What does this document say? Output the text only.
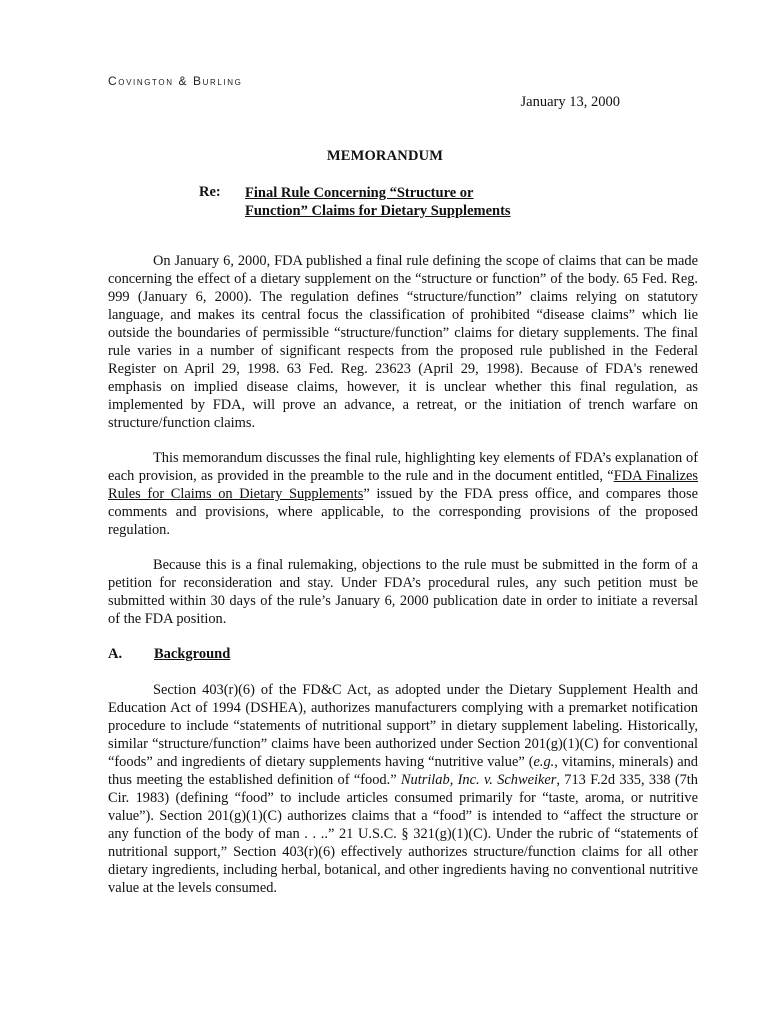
Covington & Burling
January 13, 2000
MEMORANDUM
Re: Final Rule Concerning “Structure or
Function” Claims for Dietary Supplements

On January 6, 2000, FDA published a final rule defining the scope of claims that can be made concerning the effect of a dietary supplement on the “structure or function” of the body. 65 Fed. Reg. 999 (January 6, 2000). The regulation defines “structure/function” claims relying on statutory language, and makes its central focus the classification of prohibited “disease claims” which lie outside the boundaries of permissible “structure/function” claims for dietary supplements. The final rule varies in a number of significant respects from the proposed rule published in the Federal Register on April 29, 1998. 63 Fed. Reg. 23623 (April 29, 1998). Because of FDA's renewed emphasis on implied disease claims, however, it is unclear whether this final regulation, as implemented by FDA, will prove an advance, a retreat, or the initiation of trench warfare on structure/function claims.

This memorandum discusses the final rule, highlighting key elements of FDA’s explanation of each provision, as provided in the preamble to the rule and in the document entitled, “FDA Finalizes Rules for Claims on Dietary Supplements” issued by the FDA press office, and compares those comments and provisions, where applicable, to the corresponding provisions of the proposed regulation.

Because this is a final rulemaking, objections to the rule must be submitted in the form of a petition for reconsideration and stay. Under FDA’s procedural rules, any such petition must be submitted within 30 days of the rule’s January 6, 2000 publication date in order to initiate a reversal of the FDA position.

A. Background

Section 403(r)(6) of the FD&C Act, as adopted under the Dietary Supplement Health and Education Act of 1994 (DSHEA), authorizes manufacturers complying with a premarket notification procedure to include “statements of nutritional support” in dietary supplement labeling. Historically, similar “structure/function” claims have been authorized under Section 201(g)(1)(C) for conventional “foods” and ingredients of dietary supplements having “nutritive value” (e.g., vitamins, minerals) and thus meeting the established definition of “food.” Nutrilab, Inc. v. Schweiker, 713 F.2d 335, 338 (7th Cir. 1983) (defining “food” to include articles consumed primarily for “taste, aroma, or nutritive value”). Section 201(g)(1)(C) authorizes claims that a “food” is intended to “affect the structure or any function of the body of man . . ..” 21 U.S.C. § 321(g)(1)(C). Under the rubric of “statements of nutritional support,” Section 403(r)(6) effectively authorizes structure/function claims for all other dietary ingredients, including herbal, botanical, and other ingredients having no conventional nutritive value at the levels consumed.
